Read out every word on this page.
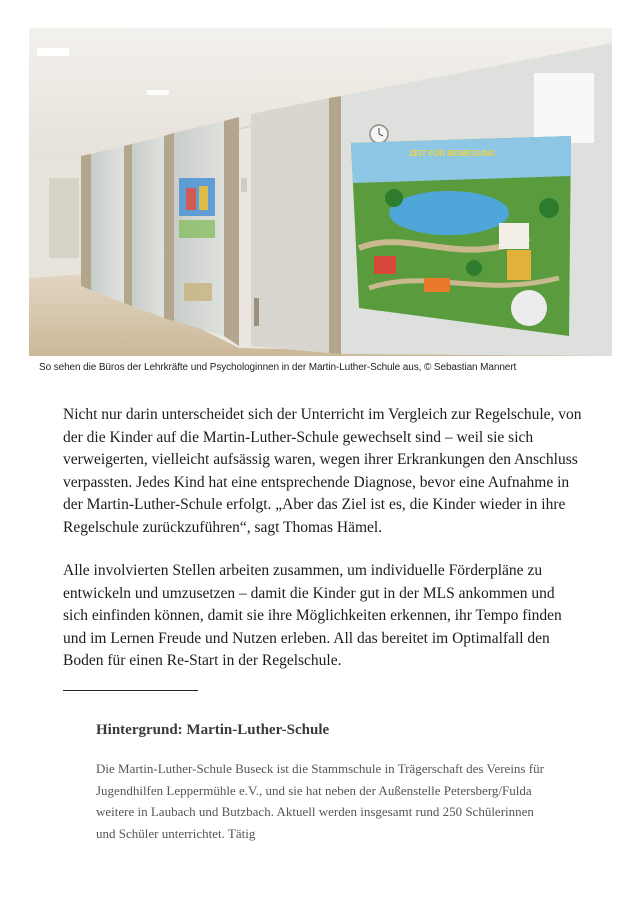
ZEIT FÜR BEWEGUNG
So sehen die Büros der Lehrkräfte und Psychologinnen in der Martin-Luther-Schule aus, © Sebastian Mannert

Nicht nur darin unterscheidet sich der Unterricht im Vergleich zur Regelschule, von der die Kinder auf die Martin-Luther-Schule gewechselt sind – weil sie sich verweigerten, vielleicht aufsässig waren, wegen ihrer Erkrankungen den Anschluss verpassten. Jedes Kind hat eine entsprechende Diagnose, bevor eine Aufnahme in der Martin-Luther-Schule erfolgt. „Aber das Ziel ist es, die Kinder wieder in ihre Regelschule zurückzuführen“, sagt Thomas Hämel.

Alle involvierten Stellen arbeiten zusammen, um individuelle Förderpläne zu entwickeln und umzusetzen – damit die Kinder gut in der MLS ankommen und sich einfinden können, damit sie ihre Möglichkeiten erkennen, ihr Tempo finden und im Lernen Freude und Nutzen erleben. All das bereitet im Optimalfall den Boden für einen Re-Start in der Regelschule.

Hintergrund: Martin-Luther-Schule

Die Martin-Luther-Schule Buseck ist die Stammschule in Trägerschaft des Vereins für Jugendhilfen Leppermühle e.V., und sie hat neben der Außenstelle Petersberg/Fulda weitere in Laubach und Butzbach. Aktuell werden insgesamt rund 250 Schülerinnen und Schüler unterrichtet. Tätig
